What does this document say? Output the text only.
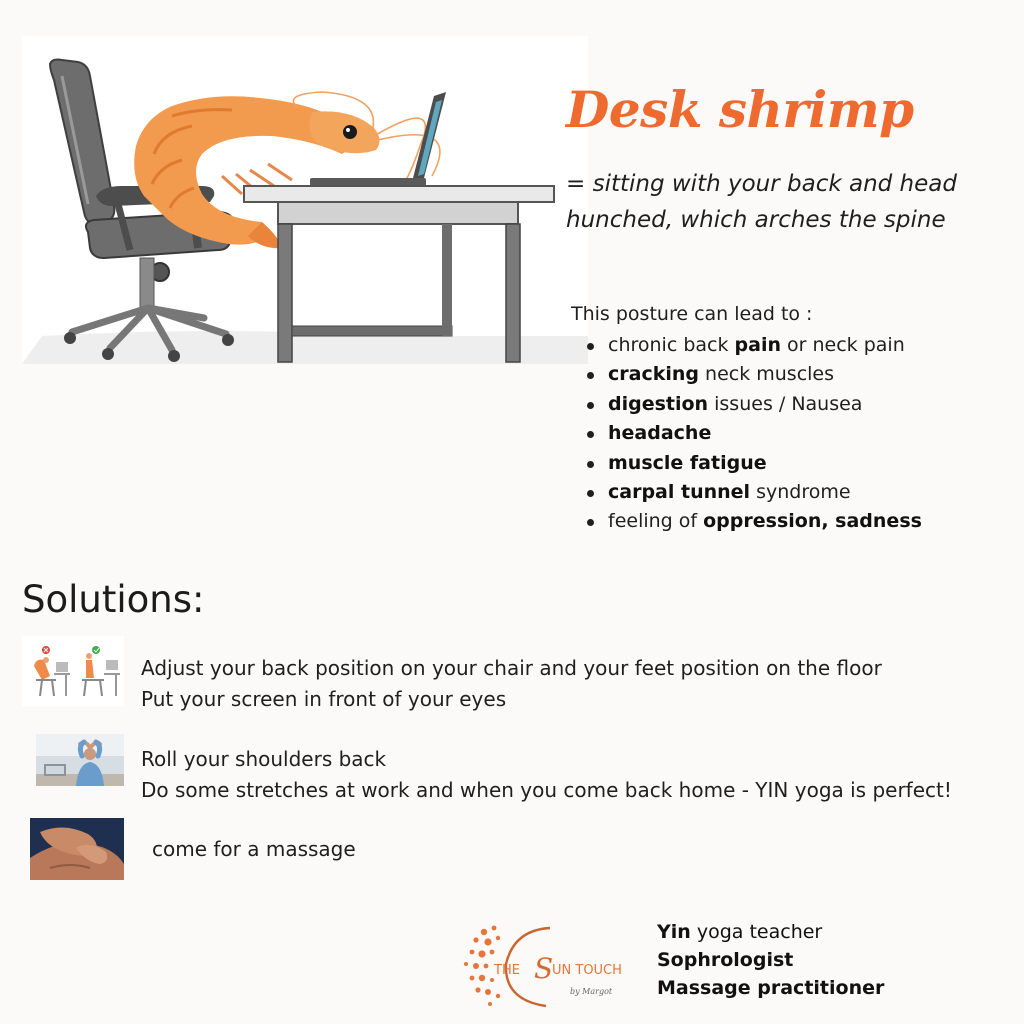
Desk shrimp
= sitting with your back and head hunched, which arches the spine
This posture can lead to :
chronic back pain or neck pain
cracking neck muscles
digestion issues / Nausea
headache
muscle fatigue
carpal tunnel syndrome
feeling of oppression, sadness
Solutions:
Adjust your back position on your chair and your feet position on the floor
Put your screen in front of your eyes
Roll your shoulders back
Do some stretches at work and when you come back home - YIN yoga is perfect!
come for a massage
THE S
UN TOUCH
by Margot
Yin yoga teacher
Sophrologist
Massage practitioner
